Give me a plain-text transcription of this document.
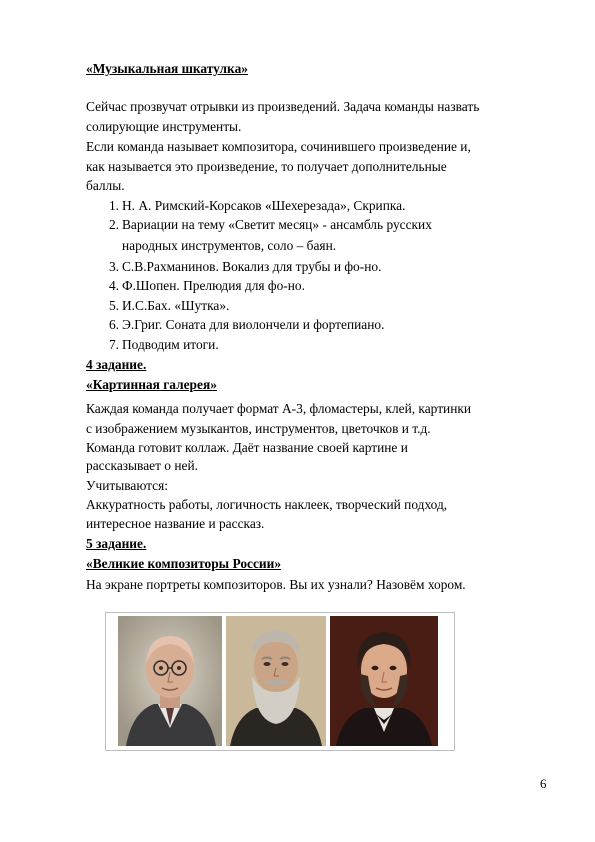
«Музыкальная шкатулка»
Сейчас прозвучат отрывки из произведений. Задача команды назвать
солирующие инструменты.
Если команда называет композитора, сочинившего произведение и,
как называется это произведение, то получает дополнительные
баллы.
1. Н. А. Римский-Корсаков «Шехерезада», Скрипка.
2. Вариации на тему «Светит месяц» - ансамбль русских
народных инструментов, соло – баян.
3. С.В.Рахманинов. Вокализ для трубы и фо-но.
4. Ф.Шопен. Прелюдия для фо-но.
5. И.С.Бах. «Шутка».
6. Э.Григ. Соната для виолончели и фортепиано.
7. Подводим итоги.
4 задание.
«Картинная галерея»
Каждая команда получает формат А-3, фломастеры, клей, картинки
с изображением музыкантов, инструментов, цветочков и т.д.
Команда готовит коллаж. Даёт название своей картине и
рассказывает о ней.
Учитываются:
Аккуратность работы, логичность наклеек, творческий подход,
интересное название и рассказ.
5 задание.
«Великие композиторы России»
На экране портреты композиторов. Вы их узнали? Назовём хором.
6
